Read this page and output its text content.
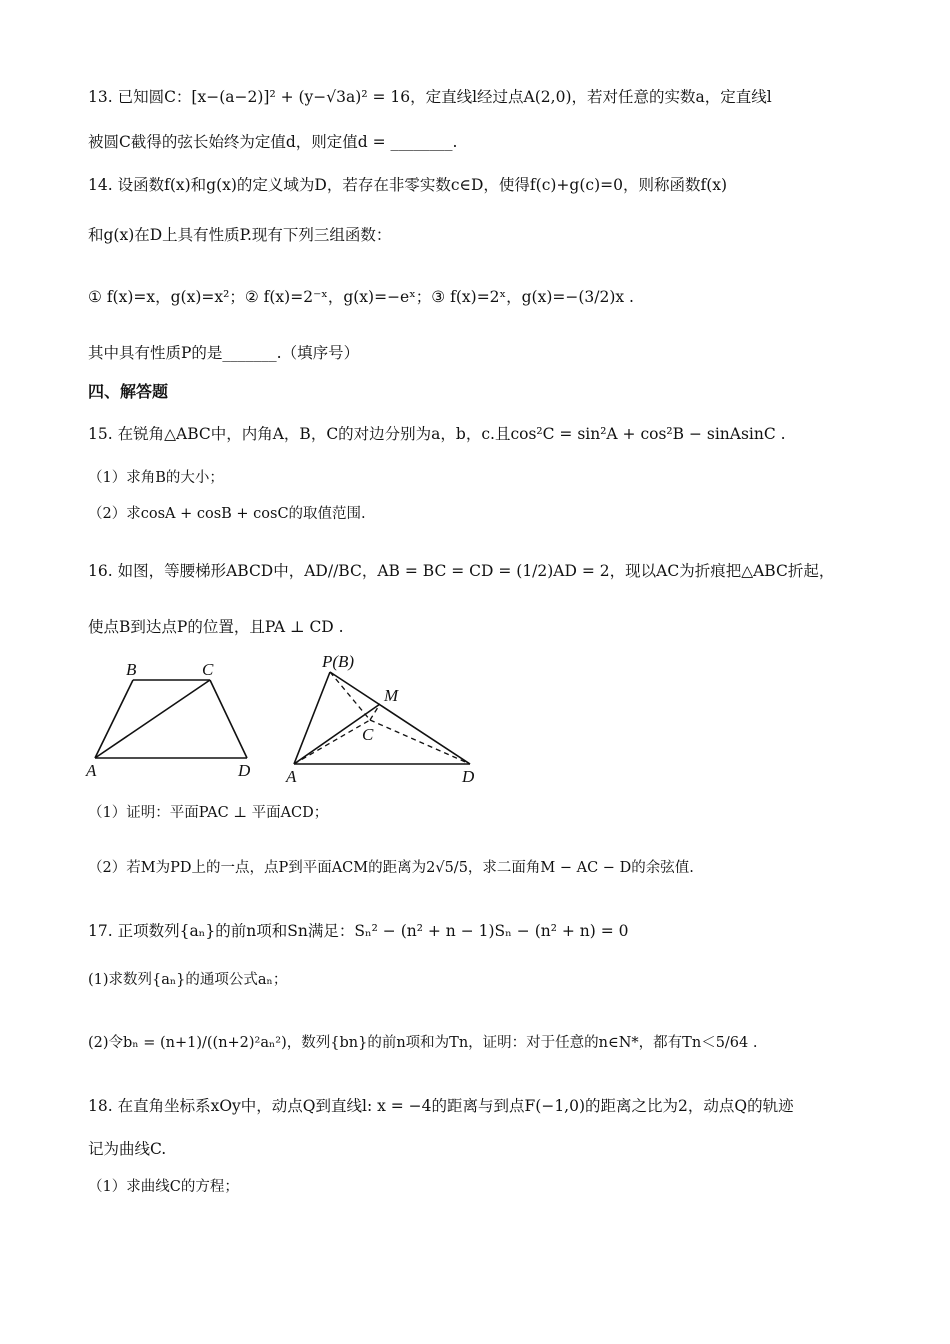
13. 已知圆C：[x−(a−2)]² + (y−√3a)² = 16，定直线l经过点A(2,0)，若对任意的实数a，定直线l
被圆C截得的弦长始终为定值d，则定值d = ________.
14. 设函数f(x)和g(x)的定义域为D，若存在非零实数c∈D，使得f(c)+g(c)=0，则称函数f(x)
和g(x)在D上具有性质P.现有下列三组函数：
① f(x)=x，g(x)=x²；② f(x)=2⁻ˣ，g(x)=−eˣ；③ f(x)=2ˣ，g(x)=−(3/2)x .
其中具有性质P的是_______.（填序号）
四、解答题
15. 在锐角△ABC中，内角A，B，C的对边分别为a，b，c.且cos²C = sin²A + cos²B − sinAsinC .
（1）求角B的大小；
（2）求cosA + cosB + cosC的取值范围.
16. 如图，等腰梯形ABCD中，AD//BC，AB = BC = CD = (1/2)AD = 2，现以AC为折痕把△ABC折起，
使点B到达点P的位置，且PA ⊥ CD .
B	C
A	D
P(B)
M
C
A	D
（1）证明：平面PAC ⊥ 平面ACD；
（2）若M为PD上的一点，点P到平面ACM的距离为2√5/5，求二面角M − AC − D的余弦值.
17. 正项数列{aₙ}的前n项和Sn满足：Sₙ² − (n² + n − 1)Sₙ − (n² + n) = 0
(1)求数列{aₙ}的通项公式aₙ；
(2)令bₙ = (n+1)/((n+2)²aₙ²)，数列{bn}的前n项和为Tn，证明：对于任意的n∈N*，都有Tn＜5/64 .
18. 在直角坐标系xOy中，动点Q到直线l: x = −4的距离与到点F(−1,0)的距离之比为2，动点Q的轨迹
记为曲线C.
（1）求曲线C的方程；
